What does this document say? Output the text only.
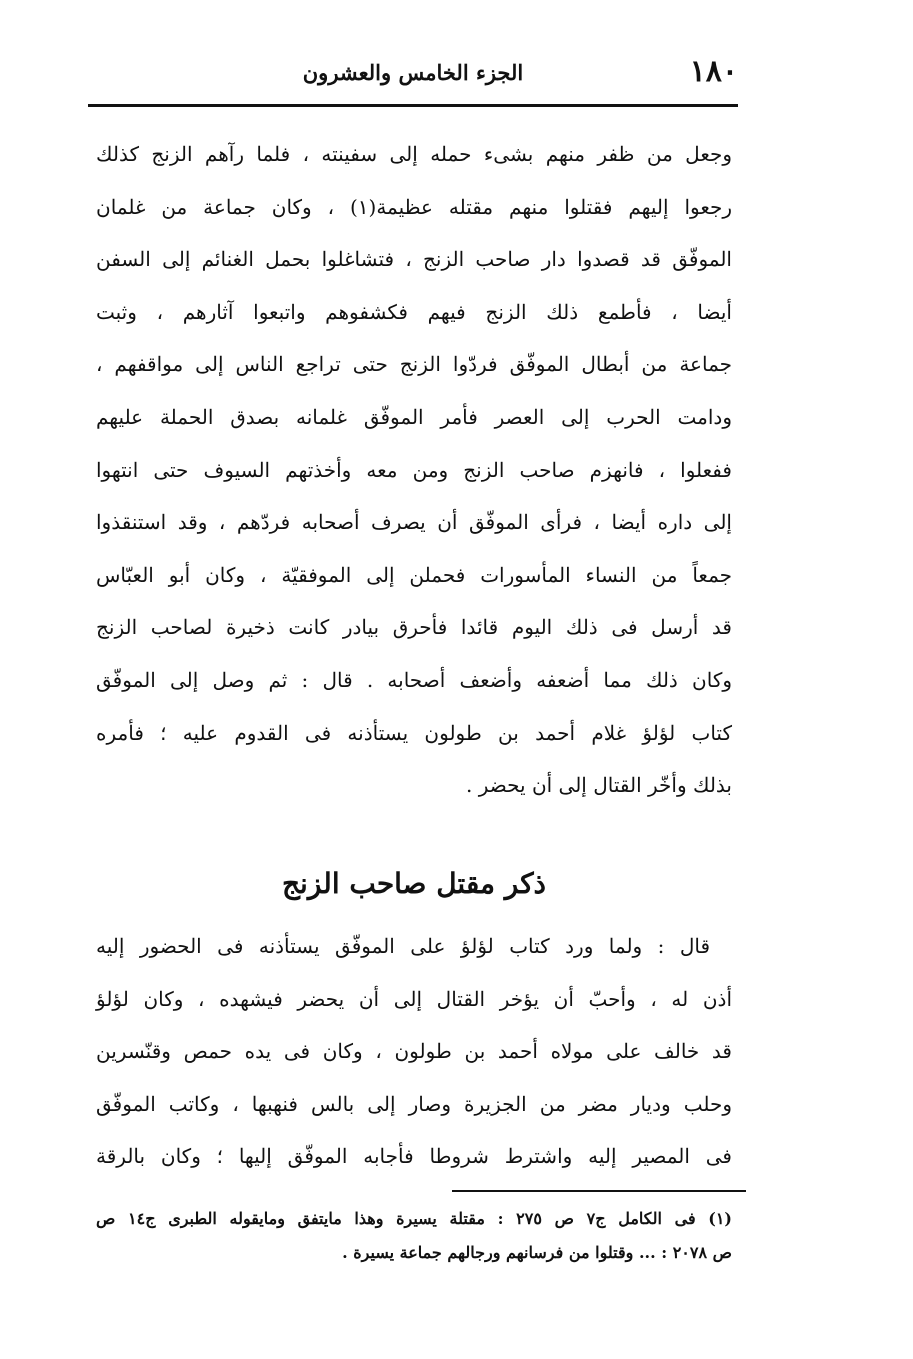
١٨٠
الجزء الخامس والعشرون
وجعل من ظفر منهم بشىء حمله إلى سفينته ، فلما رآهم الزنج كذلك
رجعوا إليهم فقتلوا منهم مقتله عظيمة(١) ، وكان جماعة من غلمان
الموفّق قد قصدوا دار صاحب الزنج ، فتشاغلوا بحمل الغنائم إلى السفن
أيضا ، فأطمع ذلك الزنج فيهم فكشفوهم واتبعوا آثارهم ، وثبت
جماعة من أبطال الموفّق فردّوا الزنج حتى تراجع الناس إلى مواقفهم ،
ودامت الحرب إلى العصر فأمر الموفّق غلمانه بصدق الحملة عليهم
ففعلوا ، فانهزم صاحب الزنج ومن معه وأخذتهم السيوف حتى انتهوا
إلى داره أيضا ، فرأى الموفّق أن يصرف أصحابه فردّهم ، وقد استنقذوا
جمعاً من النساء المأسورات فحملن إلى الموفقيّة ، وكان أبو العبّاس
قد أرسل فى ذلك اليوم قائدا فأحرق بيادر كانت ذخيرة لصاحب الزنج
وكان ذلك مما أضعفه وأضعف أصحابه . قال : ثم وصل إلى الموفّق
كتاب لؤلؤ غلام أحمد بن طولون يستأذنه فى القدوم عليه ؛ فأمره
بذلك وأخّر القتال إلى أن يحضر .
ذكر مقتل صاحب الزنج
قال : ولما ورد كتاب لؤلؤ على الموفّق يستأذنه فى الحضور إليه
أذن له ، وأحبّ أن يؤخر القتال إلى أن يحضر فيشهده ، وكان لؤلؤ
قد خالف على مولاه أحمد بن طولون ، وكان فى يده حمص وقنّسرين
وحلب وديار مضر من الجزيرة وصار إلى بالس فنهبها ، وكاتب الموفّق
فى المصير إليه واشترط شروطا فأجابه الموفّق إليها ؛ وكان بالرقة
(١) فى الكامل ج٧ ص ٢٧٥ : مقتلة يسيرة وهذا مايتفق ومايقوله الطبرى ج١٤ ص
ص ٢٠٧٨ : ... وقتلوا من فرسانهم ورجالهم جماعة يسيرة .
